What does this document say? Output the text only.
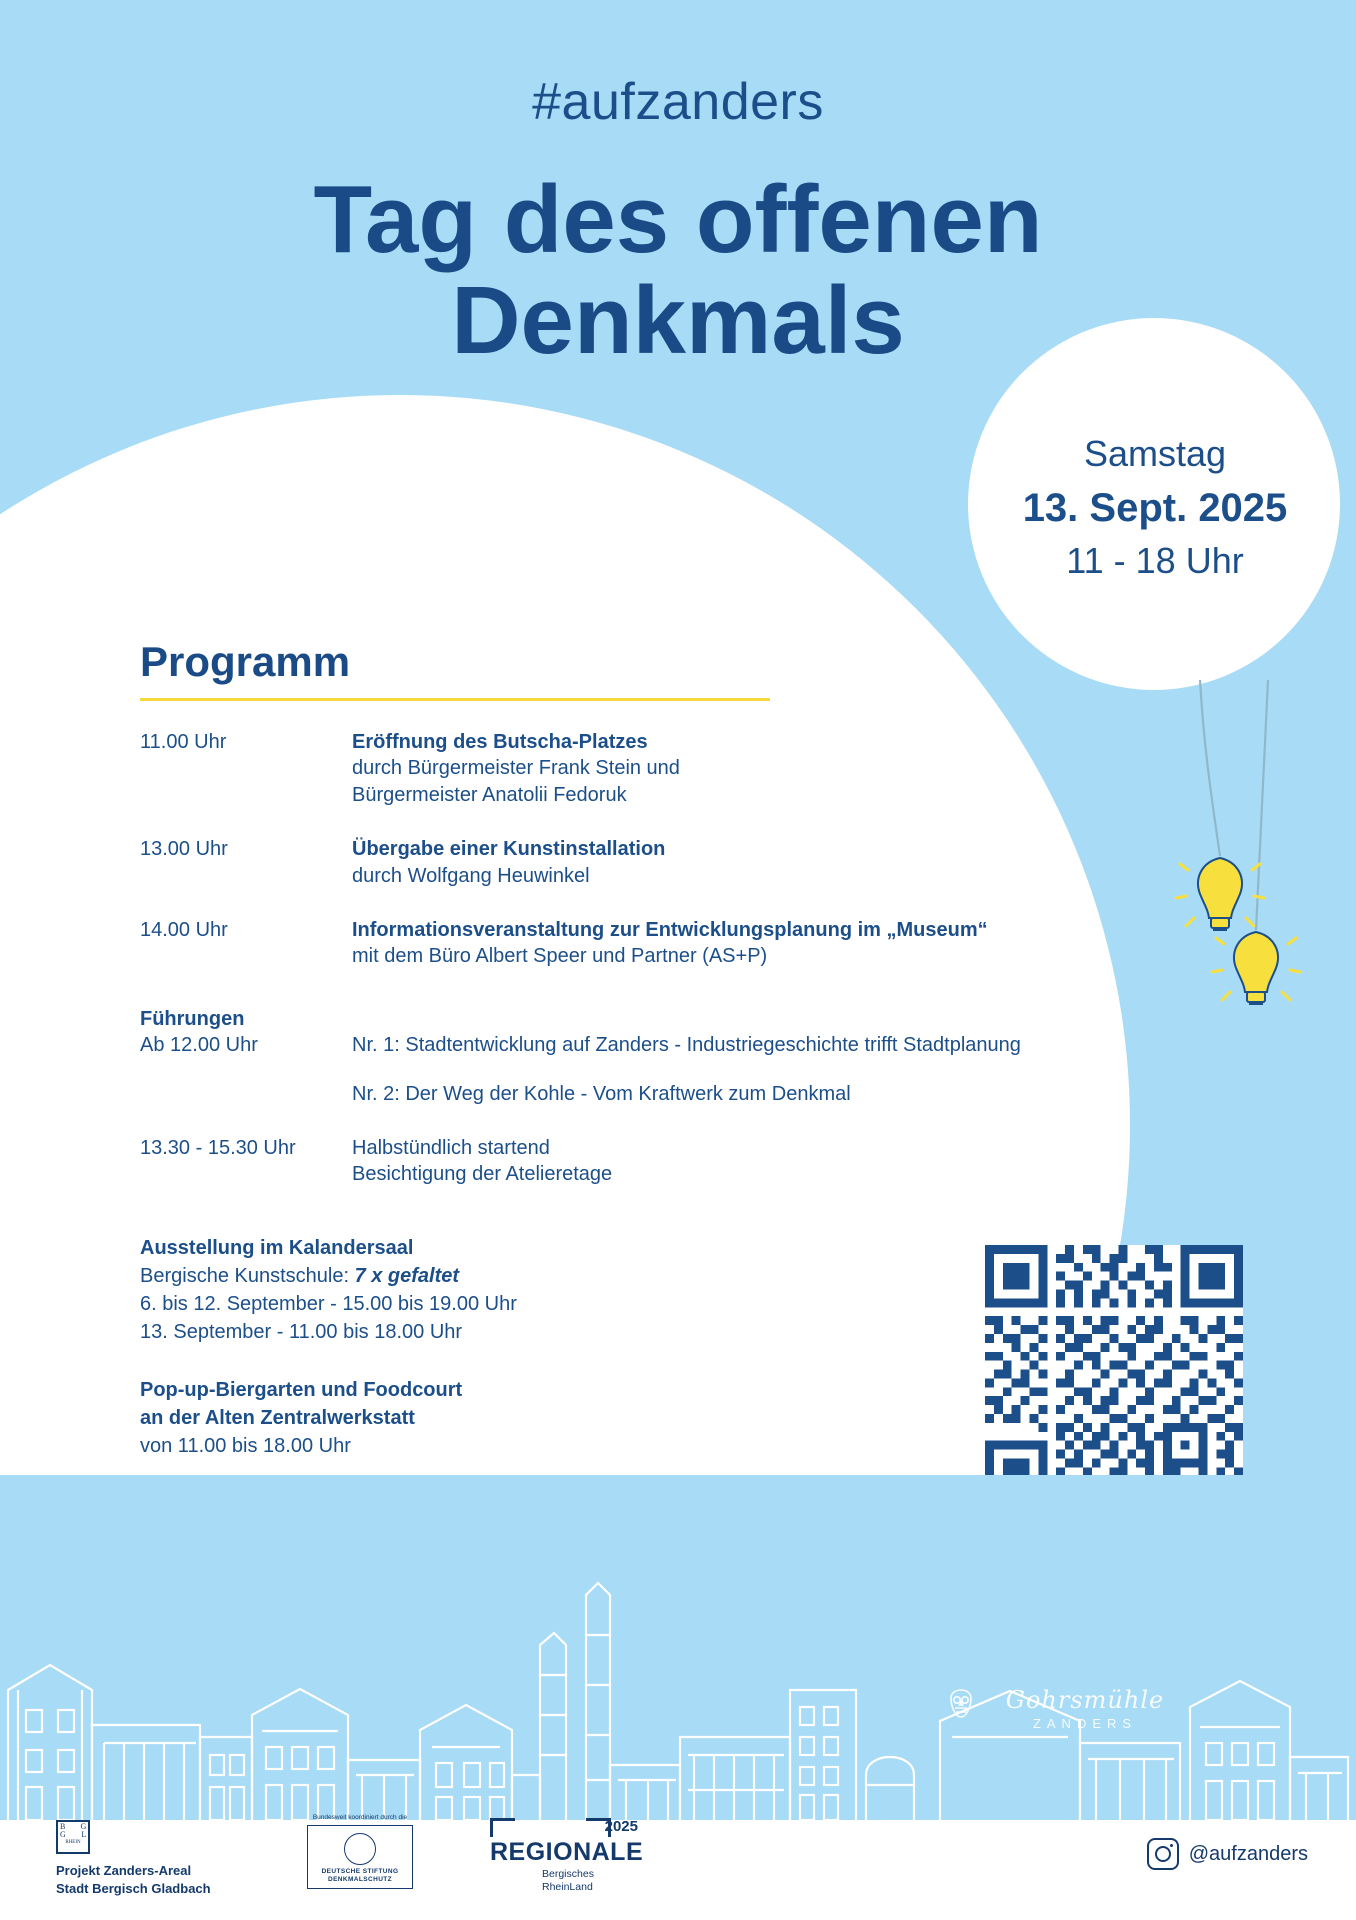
#aufzanders
Tag des offenen
Denkmals
Samstag
13. Sept. 2025
11 - 18 Uhr
Programm
11.00 Uhr	Eröffnung des Butscha-Platzes
durch Bürgermeister Frank Stein und
Bürgermeister Anatolii Fedoruk
13.00 Uhr	Übergabe einer Kunstinstallation
durch Wolfgang Heuwinkel
14.00 Uhr	Informationsveranstaltung zur Entwicklungsplanung im „Museum“
mit dem Büro Albert Speer und Partner (AS+P)
Führungen
Ab 12.00 Uhr	Nr. 1: Stadtentwicklung auf Zanders - Industriegeschichte trifft Stadtplanung
Nr. 2: Der Weg der Kohle - Vom Kraftwerk zum Denkmal
13.30 - 15.30 Uhr	Halbstündlich startend
Besichtigung der Atelieretage
Ausstellung im Kalandersaal
Bergische Kunstschule: 7 x gefaltet
6. bis 12. September - 15.00 bis 19.00 Uhr
13. September - 11.00 bis 18.00 Uhr
Pop-up-Biergarten und Foodcourt
an der Alten Zentralwerkstatt
von 11.00 bis 18.00 Uhr
Gohrsmühle
ZANDERS
B G
G L
RHEIN
Projekt Zanders-Areal
Stadt Bergisch Gladbach
Bundesweit koordiniert durch die
DEUTSCHE STIFTUNG
DENKMALSCHUTZ
2025
REGIONALE
Bergisches
RheinLand
@aufzanders
